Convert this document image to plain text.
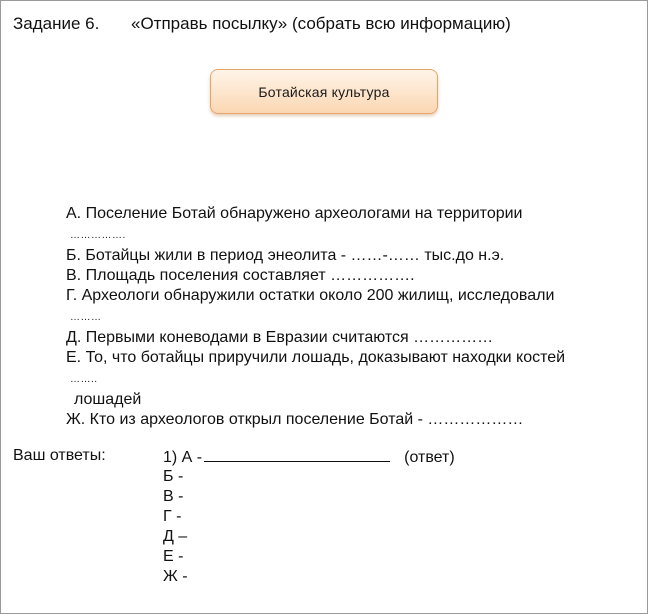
Задание 6. «Отправь посылку» (собрать всю информацию)
Ботайская культура
А. Поселение Ботай обнаружено археологами на территории
…………….
Б. Ботайцы жили в период энеолита - ……-…… тыс.до н.э.
В. Площадь поселения составляет …………….
Г. Археологи обнаружили остатки около 200 жилищ, исследовали
………
Д. Первыми коневодами в Евразии считаются ……………
Е. То, что ботайцы приручили лошадь, доказывают находки костей
……..
лошадей
Ж. Кто из археологов открыл поселение Ботай - ………………
Ваш ответы:	1) А -	(ответ)
Б -
В -
Г -
Д –
Е -
Ж -
